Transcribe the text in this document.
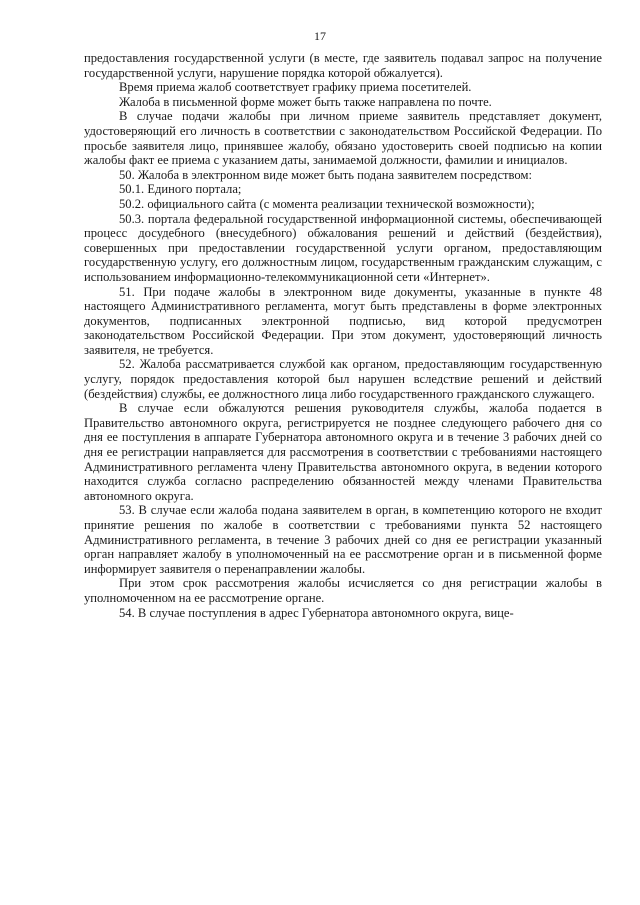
17

предоставления государственной услуги (в месте, где заявитель подавал запрос на получение государственной услуги, нарушение порядка которой обжалуется).

Время приема жалоб соответствует графику приема посетителей.

Жалоба в письменной форме может быть также направлена по почте.

В случае подачи жалобы при личном приеме заявитель представляет документ, удостоверяющий его личность в соответствии с законодательством Российской Федерации. По просьбе заявителя лицо, принявшее жалобу, обязано удостоверить своей подписью на копии жалобы факт ее приема с указанием даты, занимаемой должности, фамилии и инициалов.

50. Жалоба в электронном виде может быть подана заявителем посредством:

50.1. Единого портала;

50.2. официального сайта (с момента реализации технической возможности);

50.3. портала федеральной государственной информационной системы, обеспечивающей процесс досудебного (внесудебного) обжалования решений и действий (бездействия), совершенных при предоставлении государственной услуги органом, предоставляющим государственную услугу, его должностным лицом, государственным гражданским служащим, с использованием информационно-телекоммуникационной сети «Интернет».

51. При подаче жалобы в электронном виде документы, указанные в пункте 48 настоящего Административного регламента, могут быть представлены в форме электронных документов, подписанных электронной подписью, вид которой предусмотрен законодательством Российской Федерации. При этом документ, удостоверяющий личность заявителя, не требуется.

52. Жалоба рассматривается службой как органом, предоставляющим государственную услугу, порядок предоставления которой был нарушен вследствие решений и действий (бездействия) службы, ее должностного лица либо государственного гражданского служащего.

В случае если обжалуются решения руководителя службы, жалоба подается в Правительство автономного округа, регистрируется не позднее следующего рабочего дня со дня ее поступления в аппарате Губернатора автономного округа и в течение 3 рабочих дней со дня ее регистрации направляется для рассмотрения в соответствии с требованиями настоящего Административного регламента члену Правительства автономного округа, в ведении которого находится служба согласно распределению обязанностей между членами Правительства автономного округа.

53. В случае если жалоба подана заявителем в орган, в компетенцию которого не входит принятие решения по жалобе в соответствии с требованиями пункта 52 настоящего Административного регламента, в течение 3 рабочих дней со дня ее регистрации указанный орган направляет жалобу в уполномоченный на ее рассмотрение орган и в письменной форме информирует заявителя о перенаправлении жалобы.

При этом срок рассмотрения жалобы исчисляется со дня регистрации жалобы в уполномоченном на ее рассмотрение органе.

54. В случае поступления в адрес Губернатора автономного округа, вице-
